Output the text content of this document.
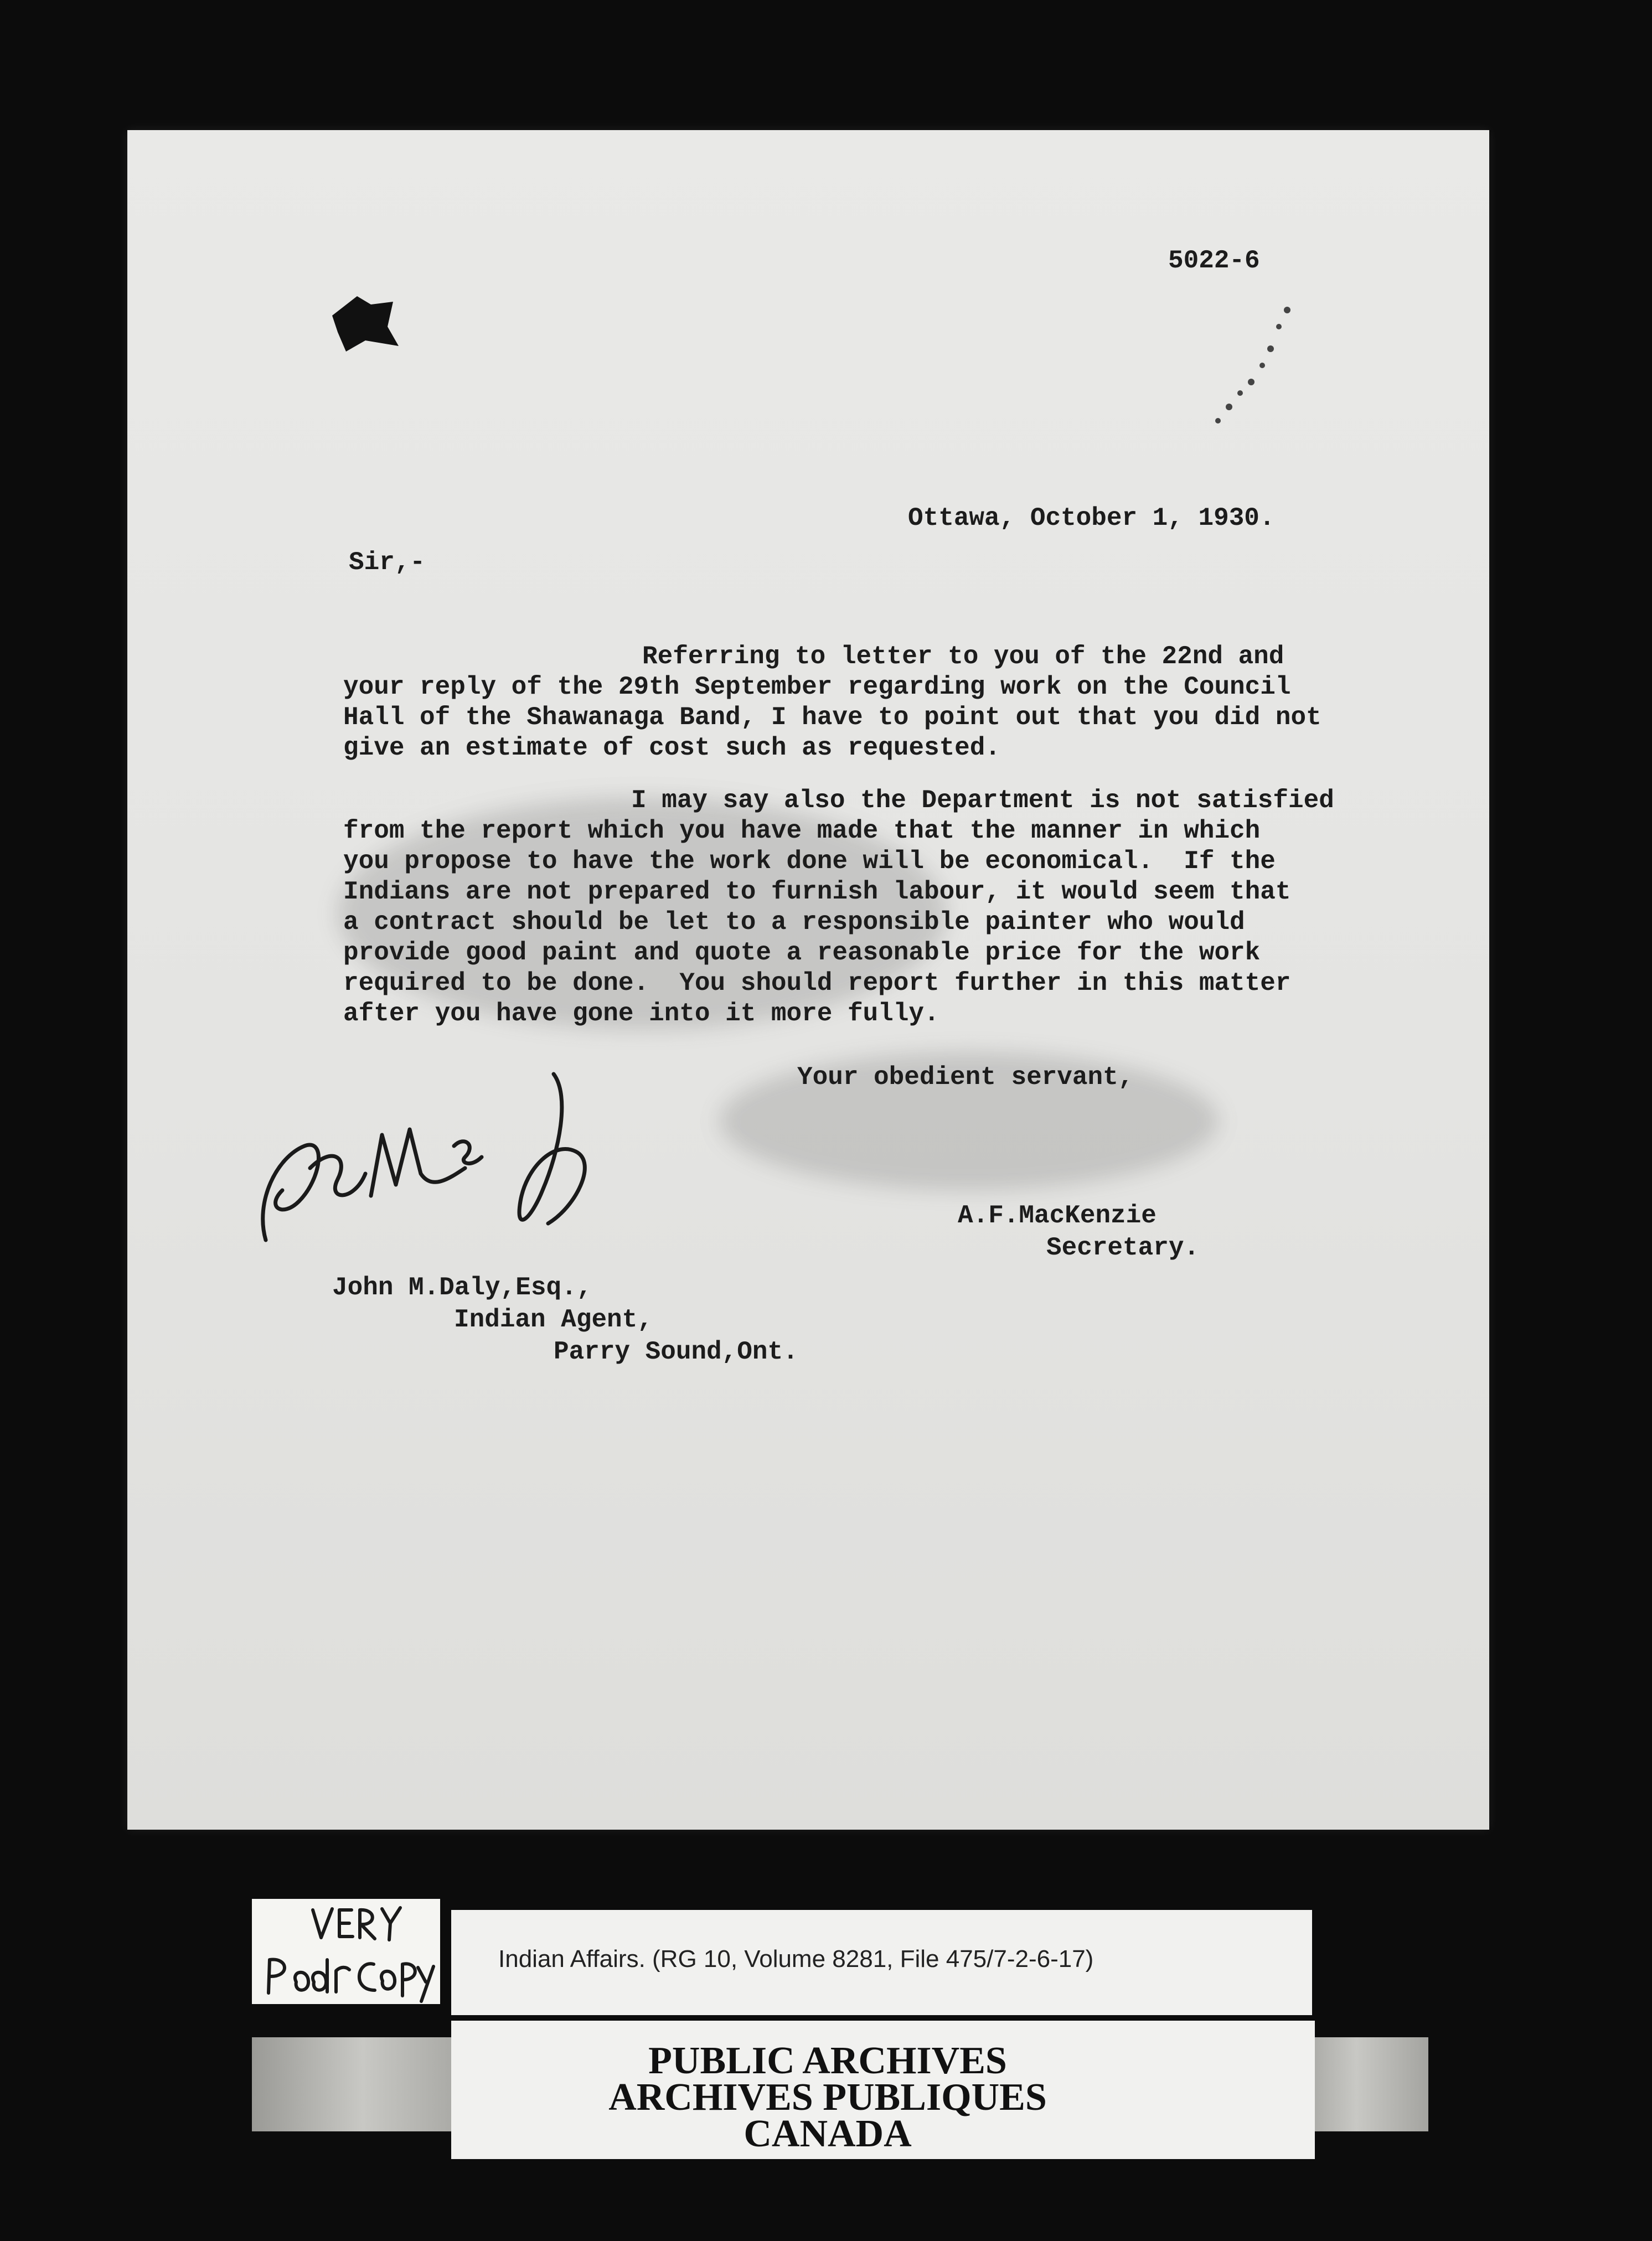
5022-6

Ottawa, October 1, 1930.

Sir,-

Referring to letter to you of the 22nd and

your reply of the 29th September regarding work on the Council

Hall of the Shawanaga Band, I have to point out that you did not

give an estimate of cost such as requested.

I may say also the Department is not satisfied

from the report which you have made that the manner in which

you propose to have the work done will be economical.  If the

Indians are not prepared to furnish labour, it would seem that

a contract should be let to a responsible painter who would

provide good paint and quote a reasonable price for the work

required to be done.  You should report further in this matter

after you have gone into it more fully.

Your obedient servant,

A.F.MacKenzie

Secretary.

John M.Daly,Esq.,

Indian Agent,

Parry Sound,Ont.

Indian Affairs. (RG 10, Volume 8281, File 475/7-2-6-17)

PUBLIC ARCHIVES

ARCHIVES PUBLIQUES

CANADA
